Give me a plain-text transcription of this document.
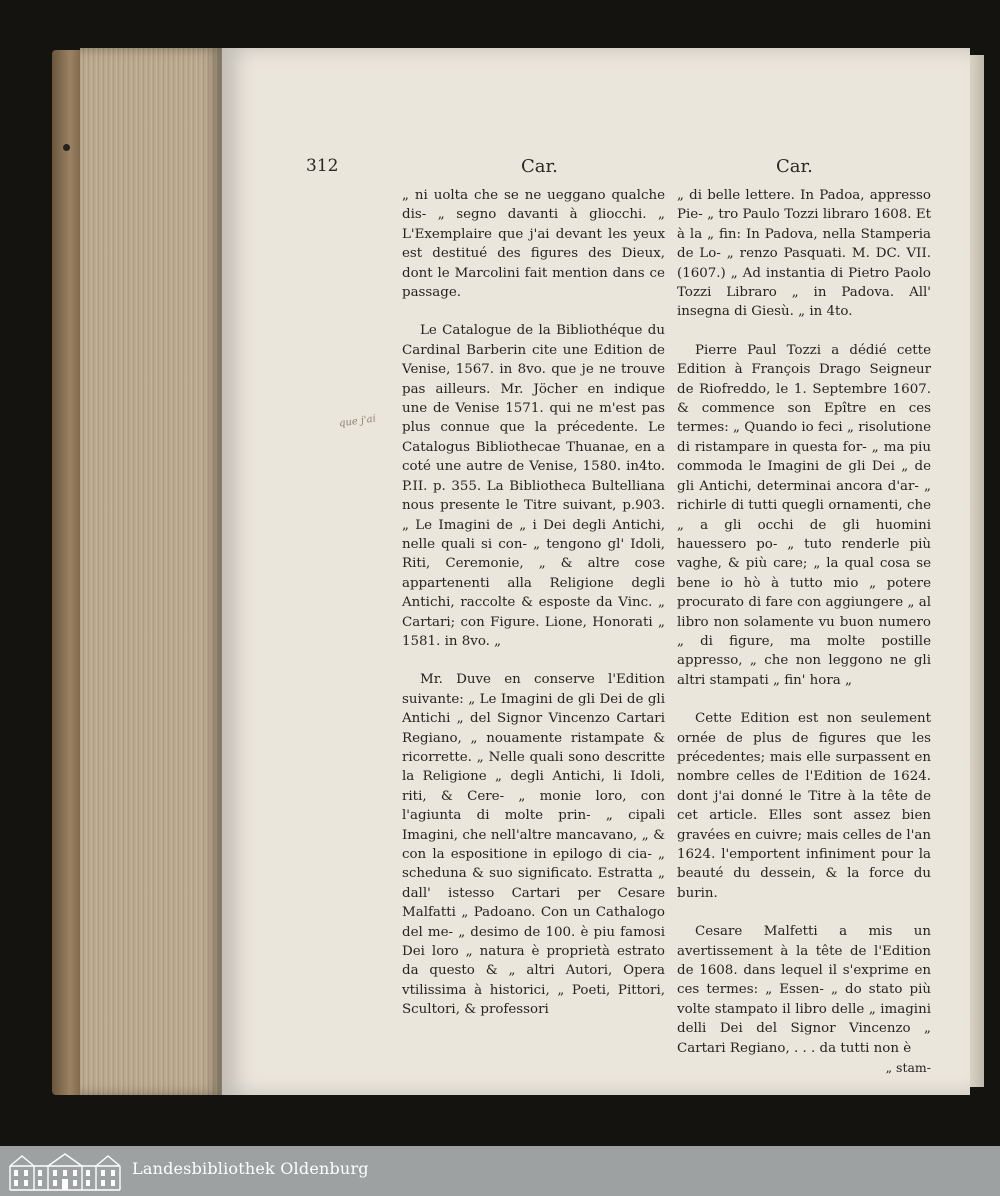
312	Car.	Car.
que j'ai

„ ni uolta che se ne ueggano qualche dis- „ segno davanti à gliocchi. „ L'Exemplaire que j'ai devant les yeux est destitué des figures des Dieux, dont le Marcolini fait mention dans ce passage.

Le Catalogue de la Bibliothéque du Cardinal Barberin cite une Edition de Venise, 1567. in 8vo. que je ne trouve pas ailleurs. Mr. Jöcher en indique une de Venise 1571. qui ne m'est pas plus connue que la précedente. Le Catalogus Bibliothecae Thuanae, en a coté une autre de Venise, 1580. in4to. P.II. p. 355. La Bibliotheca Bultelliana nous presente le Titre suivant, p.903. „ Le Imagini de „ i Dei degli Antichi, nelle quali si con- „ tengono gl' Idoli, Riti, Ceremonie, „ & altre cose appartenenti alla Religione degli Antichi, raccolte & esposte da Vinc. „ Cartari; con Figure. Lione, Honorati „ 1581. in 8vo. „

Mr. Duve en conserve l'Edition suivante: „ Le Imagini de gli Dei de gli Antichi „ del Signor Vincenzo Cartari Regiano, „ nouamente ristampate & ricorrette. „ Nelle quali sono descritte la Religione „ degli Antichi, li Idoli, riti, & Cere- „ monie loro, con l'agiunta di molte prin- „ cipali Imagini, che nell'altre mancavano, „ & con la espositione in epilogo di cia- „ scheduna & suo significato. Estratta „ dall' istesso Cartari per Cesare Malfatti „ Padoano. Con un Cathalogo del me- „ desimo de 100. è piu famosi Dei loro „ natura è proprietà estrato da questo & „ altri Autori, Opera vtilissima à historici, „ Poeti, Pittori, Scultori, & professori

„ di belle lettere. In Padoa, appresso Pie- „ tro Paulo Tozzi libraro 1608. Et à la „ fin: In Padova, nella Stamperia de Lo- „ renzo Pasquati. M. DC. VII. (1607.) „ Ad instantia di Pietro Paolo Tozzi Libraro „ in Padova. All' insegna di Giesù. „ in 4to.

Pierre Paul Tozzi a dédié cette Edition à François Drago Seigneur de Riofreddo, le 1. Septembre 1607. & commence son Epître en ces termes: „ Quando io feci „ risolutione di ristampare in questa for- „ ma piu commoda le Imagini de gli Dei „ de gli Antichi, determinai ancora d'ar- „ richirle di tutti quegli ornamenti, che „ a gli occhi de gli huomini hauessero po- „ tuto renderle più vaghe, & più care; „ la qual cosa se bene io hò à tutto mio „ potere procurato di fare con aggiungere „ al libro non solamente vu buon numero „ di figure, ma molte postille appresso, „ che non leggono ne gli altri stampati „ fin' hora „

Cette Edition est non seulement ornée de plus de figures que les précedentes; mais elle surpassent en nombre celles de l'Edition de 1624. dont j'ai donné le Titre à la tête de cet article. Elles sont assez bien gravées en cuivre; mais celles de l'an 1624. l'emportent infiniment pour la beauté du dessein, & la force du burin.

Cesare Malfetti a mis un avertissement à la tête de l'Edition de 1608. dans lequel il s'exprime en ces termes: „ Essen- „ do stato più volte stampato il libro delle „ imagini delli Dei del Signor Vincenzo „ Cartari Regiano, . . . da tutti non è

„ stam-
Landesbibliothek Oldenburg
